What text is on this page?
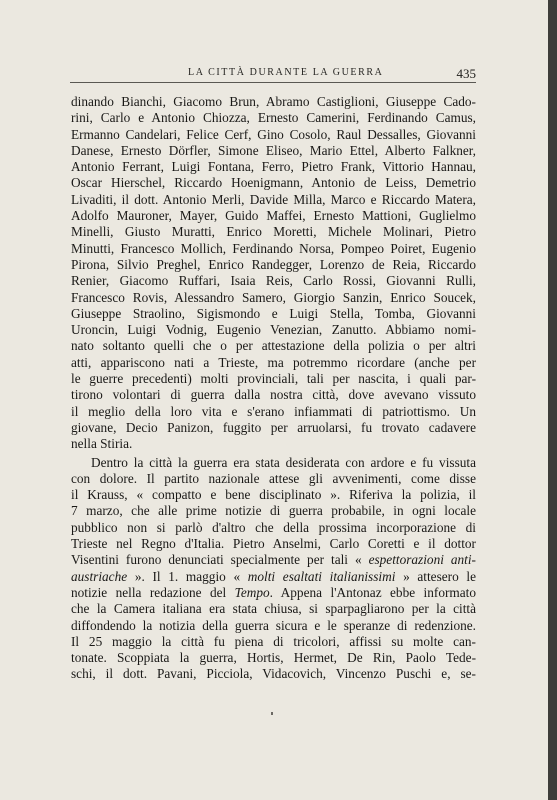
LA CITTÀ DURANTE LA GUERRA	435

dinando Bianchi, Giacomo Brun, Abramo Castiglioni, Giuseppe Cado-
rini, Carlo e Antonio Chiozza, Ernesto Camerini, Ferdinando Camus,
Ermanno Candelari, Felice Cerf, Gino Cosolo, Raul Dessalles, Giovanni
Danese, Ernesto Dörfler, Simone Eliseo, Mario Ettel, Alberto Falkner,
Antonio Ferrant, Luigi Fontana, Ferro, Pietro Frank, Vittorio Hannau,
Oscar Hierschel, Riccardo Hoenigmann, Antonio de Leiss, Demetrio
Livaditi, il dott. Antonio Merli, Davide Milla, Marco e Riccardo Matera,
Adolfo Mauroner, Mayer, Guido Maffei, Ernesto Mattioni, Guglielmo
Minelli, Giusto Muratti, Enrico Moretti, Michele Molinari, Pietro
Minutti, Francesco Mollich, Ferdinando Norsa, Pompeo Poiret, Eugenio
Pirona, Silvio Preghel, Enrico Randegger, Lorenzo de Reia, Riccardo
Renier, Giacomo Ruffari, Isaia Reis, Carlo Rossi, Giovanni Rulli,
Francesco Rovis, Alessandro Samero, Giorgio Sanzin, Enrico Soucek,
Giuseppe Straolino, Sigismondo e Luigi Stella, Tomba, Giovanni
Uroncin, Luigi Vodnig, Eugenio Venezian, Zanutto. Abbiamo nomi-
nato soltanto quelli che o per attestazione della polizia o per altri
atti, appariscono nati a Trieste, ma potremmo ricordare (anche per
le guerre precedenti) molti provinciali, tali per nascita, i quali par-
tirono volontari di guerra dalla nostra città, dove avevano vissuto
il meglio della loro vita e s'erano infiammati di patriottismo. Un
giovane, Decio Panizon, fuggito per arruolarsi, fu trovato cadavere
nella Stiria.

Dentro la città la guerra era stata desiderata con ardore e fu vissuta
con dolore. Il partito nazionale attese gli avvenimenti, come disse
il Krauss, « compatto e bene disciplinato ». Riferiva la polizia, il
7 marzo, che alle prime notizie di guerra probabile, in ogni locale
pubblico non si parlò d'altro che della prossima incorporazione di
Trieste nel Regno d'Italia. Pietro Anselmi, Carlo Coretti e il dottor
Visentini furono denunciati specialmente per tali « espettorazioni anti-
austriache ». Il 1. maggio « molti esaltati italianissimi » attesero le
notizie nella redazione del Tempo. Appena l'Antonaz ebbe informato
che la Camera italiana era stata chiusa, si sparpagliarono per la città
diffondendo la notizia della guerra sicura e le speranze di redenzione.
Il 25 maggio la città fu piena di tricolori, affissi su molte can-
tonate. Scoppiata la guerra, Hortis, Hermet, De Rin, Paolo Tede-
schi, il dott. Pavani, Picciola, Vidacovich, Vincenzo Puschi e, se-
